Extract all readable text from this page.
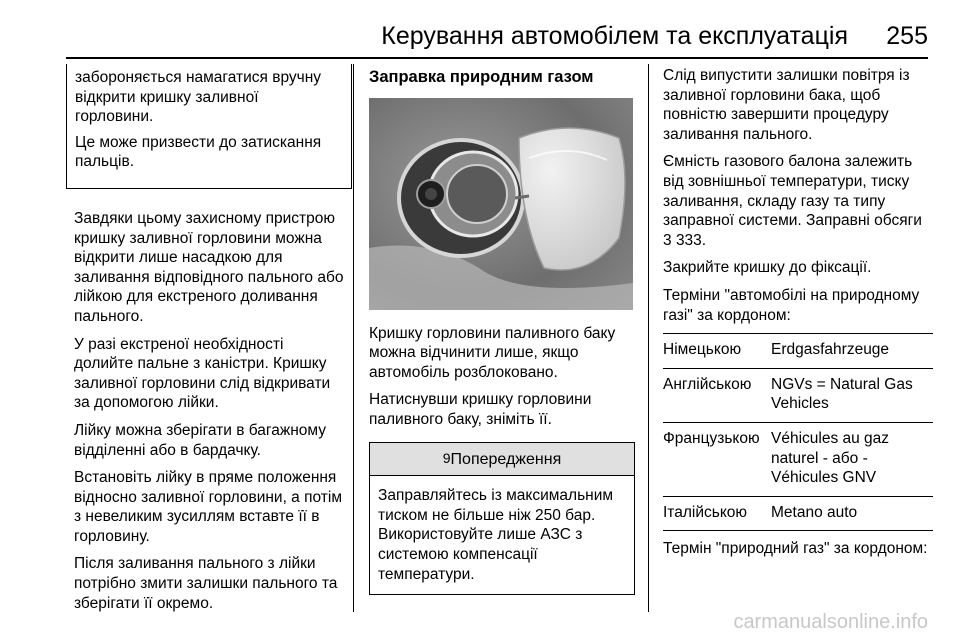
Керування автомобілем та експлуатація 255

забороняється намагатися вручну відкрити кришку заливної горловини.

Це може призвести до затискання пальців.

Завдяки цьому захисному пристрою кришку заливної горловини можна відкрити лише насадкою для заливання відповідного пального або лійкою для екстреного доливання пального.

У разі екстреної необхідності долийте пальне з каністри. Кришку заливної горловини слід відкривати за допомогою лійки.

Лійку можна зберігати в багажному відділенні або в бардачку.

Встановіть лійку в пряме положення відносно заливної горловини, а потім з невеликим зусиллям вставте її в горловину.

Після заливання пального з лійки потрібно змити залишки пального та зберігати її окремо.

Заправка природним газом

Кришку горловини паливного баку можна відчинити лише, якщо автомобіль розблоковано.

Натиснувши кришку горловини паливного баку, зніміть її.

9Попередження
Заправляйтесь із максимальним тиском не більше ніж 250 бар. Використовуйте лише АЗС з системою компенсації температури.

Слід випустити залишки повітря із заливної горловини бака, щоб повністю завершити процедуру заливання пального.

Ємність газового балона залежить від зовнішньої температури, тиску заливання, складу газу та типу заправної системи. Заправні обсяги 3 333.

Закрийте кришку до фіксації.

Терміни "автомобілі на природному газі" за кордоном:

Німецькою	Erdgasfahrzeuge
Англійською	NGVs = Natural Gas Vehicles
Французькою	Véhicules au gaz naturel - або - Véhicules GNV
Італійською	Metano auto

Термін "природний газ" за кордоном:

carmanualsonline.info
